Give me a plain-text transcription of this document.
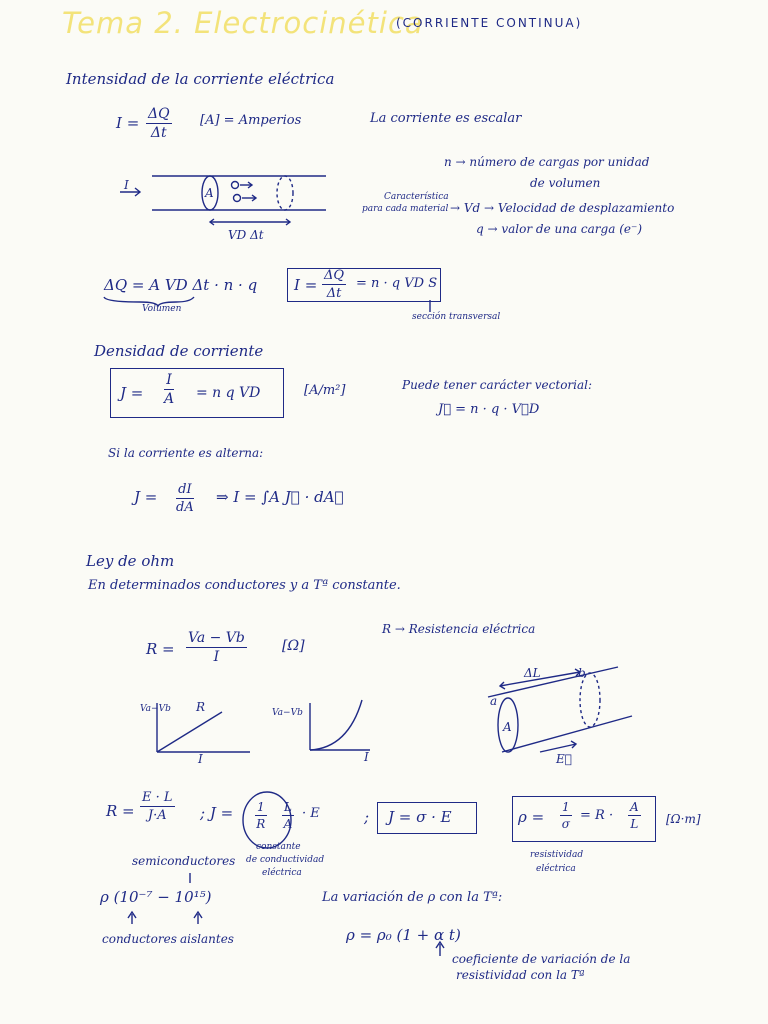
Tema 2. Electrocinética
(CORRIENTE CONTINUA)
Intensidad de la corriente eléctrica
$I = \frac{\Delta Q}{\Delta t} [A]$ = Amperios	La corriente es escalar
n → número de cargas por unidad
de volumen
Característica
para cada material → Vd → Velocidad de desplazamiento
q → valor de una carga (e⁻)
I
A
VD Δt
ΔQ = A VD Δt · n · q
Volumen
$I = \frac{\Delta Q}{\Delta t} = n \cdot q$ VD S
sección transversal
Densidad de corriente
$J = \frac{I}{A} = n$ q VD	[A/m²]	Puede tener carácter vectorial:
J⃗ = n · q · V⃗D
Si la corriente es alterna:
$J = \frac{dI}{dA}$ ⇒ I = ∫A J⃗ · dA⃗
Ley de ohm
En determinados conductores y a Tª constante.
$R = \frac{Va - Vb}{I}$	[Ω]
R → Resistencia eléctrica
Va−Vb R
I
Va−Vb
I
a
b
A
ΔL
E⃗
$R = \frac{E \cdot L}{J\cdot A}$ ; $J = \frac{1}{R} \frac{L}{A} \cdot E$
constante
de conductividad
eléctrica
; J = σ · E	$\rho = \frac{1}{\sigma} = R \cdot \frac{A}{L} [\Omega\cdot m]$
resistividad
eléctrica
semiconductores
ρ (10⁻⁷ − 10¹⁵)
conductores aislantes
La variación de ρ con la Tª:
ρ = ρ₀ (1 + α t)
coeficiente de variación de la
resistividad con la Tª
